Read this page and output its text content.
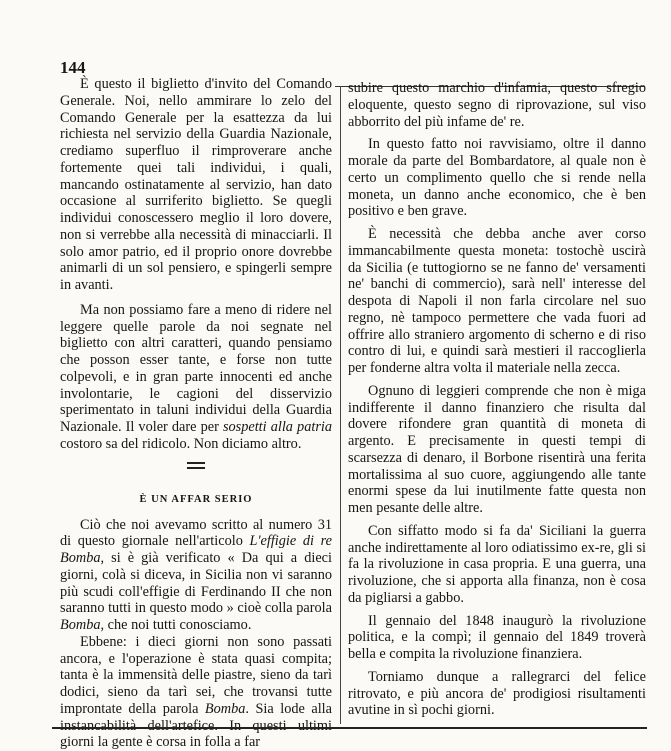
144

È questo il biglietto d'invito del Comando Generale. Noi, nello ammirare lo zelo del Comando Generale per la esattezza da lui richiesta nel servizio della Guardia Nazionale, crediamo superfluo il rimproverare anche fortemente quei tali individui, i quali, mancando ostinatamente al servizio, han dato occasione al surriferito biglietto. Se quegli individui conoscessero meglio il loro dovere, non si verrebbe alla necessità di minacciarli. Il solo amor patrio, ed il proprio onore dovrebbe animarli di un sol pensiero, e spingerli sempre in avanti.

Ma non possiamo fare a meno di ridere nel leggere quelle parole da noi segnate nel biglietto con altri caratteri, quando pensiamo che posson esser tante, e forse non tutte colpevoli, e in gran parte innocenti ed anche involontarie, le cagioni del disservizio sperimentato in taluni individui della Guardia Nazionale. Il voler dare per sospetti alla patria costoro sa del ridicolo. Non diciamo altro.

È UN AFFAR SERIO

Ciò che noi avevamo scritto al numero 31 di questo giornale nell'articolo L'effigie di re Bomba, si è già verificato « Da qui a dieci giorni, colà si diceva, in Sicilia non vi saranno più scudi coll'effigie di Ferdinando II che non saranno tutti in questo modo » cioè colla parola Bomba, che noi tutti conosciamo.

Ebbene: i dieci giorni non sono passati ancora, e l'operazione è stata quasi compita; tanta è la immensità delle piastre, sieno da tarì dodici, sieno da tarì sei, che trovansi tutte improntate della parola Bomba. Sia lode alla instancabilità dell'artefice. In questi ultimi giorni la gente è corsa in folla a far

subire questo marchio d'infamia, questo sfregio eloquente, questo segno di riprovazione, sul viso abborrito del più infame de' re.

In questo fatto noi ravvisiamo, oltre il danno morale da parte del Bombardatore, al quale non è certo un complimento quello che si rende nella moneta, un danno anche economico, che è ben positivo e ben grave.

È necessità che debba anche aver corso immancabilmente questa moneta: tostochè uscirà da Sicilia (e tuttogiorno se ne fanno de' versamenti ne' banchi di commercio), sarà nell' interesse del despota di Napoli il non farla circolare nel suo regno, nè tampoco permettere che vada fuori ad offrire allo straniero argomento di scherno e di riso contro di lui, e quindi sarà mestieri il raccoglierla per fonderne altra volta il materiale nella zecca.

Ognuno di leggieri comprende che non è miga indifferente il danno finanziero che risulta dal dovere rifondere gran quantità di moneta di argento. E precisamente in questi tempi di scarsezza di denaro, il Borbone risentirà una ferita mortalissima al suo cuore, aggiungendo alle tante enormi spese da lui inutilmente fatte questa non men pesante delle altre.

Con siffatto modo si fa da' Siciliani la guerra anche indirettamente al loro odiatissimo ex-re, gli si fa la rivoluzione in casa propria. E una guerra, una rivoluzione, che si apporta alla finanza, non è cosa da pigliarsi a gabbo.

Il gennaio del 1848 inaugurò la rivoluzione politica, e la compì; il gennaio del 1849 troverà bella e compita la rivoluzione finanziera.

Torniamo dunque a rallegrarci del felice ritrovato, e più ancora de' prodigiosi risultamenti avutine in sì pochi giorni.
